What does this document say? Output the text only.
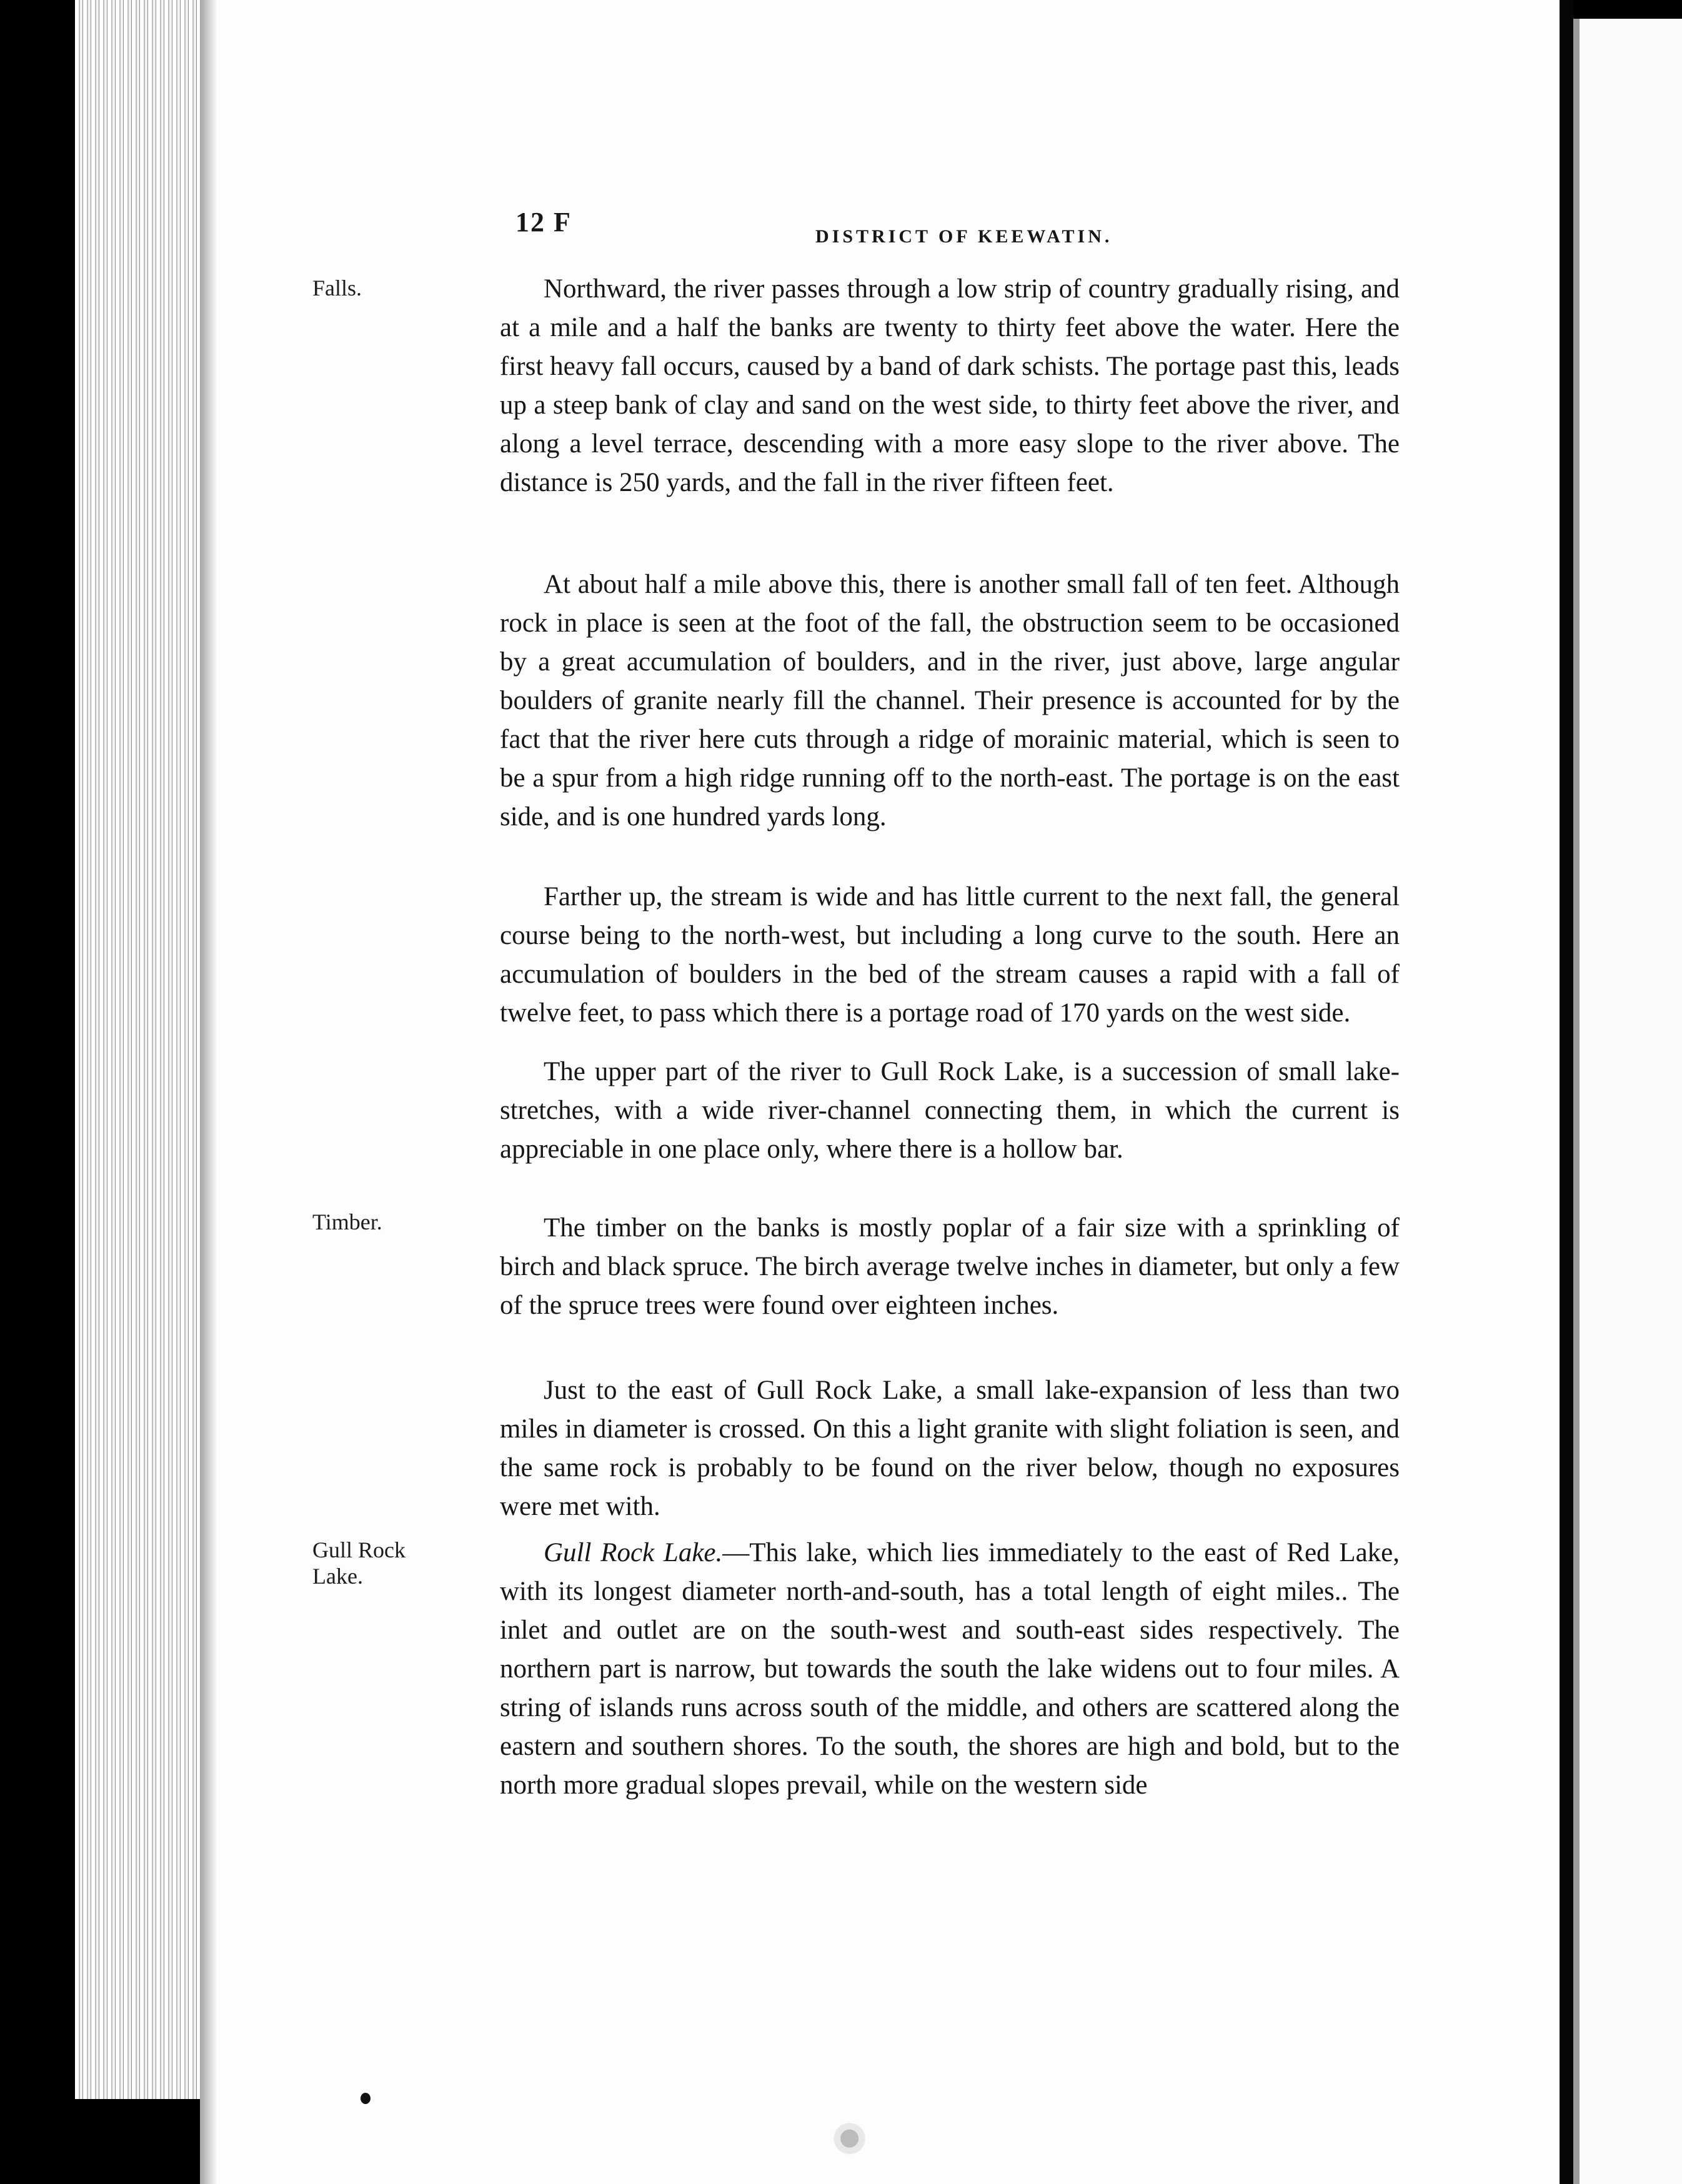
12 F	DISTRICT OF KEEWATIN.
Falls.
Timber.
Gull Rock Lake.

Northward, the river passes through a low strip of country gradually rising, and at a mile and a half the banks are twenty to thirty feet above the water. Here the first heavy fall occurs, caused by a band of dark schists. The portage past this, leads up a steep bank of clay and sand on the west side, to thirty feet above the river, and along a level terrace, descending with a more easy slope to the river above. The distance is 250 yards, and the fall in the river fifteen feet.

At about half a mile above this, there is another small fall of ten feet. Although rock in place is seen at the foot of the fall, the obstruction seem to be occasioned by a great accumulation of boulders, and in the river, just above, large angular boulders of granite nearly fill the channel. Their presence is accounted for by the fact that the river here cuts through a ridge of morainic material, which is seen to be a spur from a high ridge running off to the north-east. The portage is on the east side, and is one hundred yards long.

Farther up, the stream is wide and has little current to the next fall, the general course being to the north-west, but including a long curve to the south. Here an accumulation of boulders in the bed of the stream causes a rapid with a fall of twelve feet, to pass which there is a portage road of 170 yards on the west side.

The upper part of the river to Gull Rock Lake, is a succession of small lake-stretches, with a wide river-channel connecting them, in which the current is appreciable in one place only, where there is a hollow bar.

The timber on the banks is mostly poplar of a fair size with a sprinkling of birch and black spruce. The birch average twelve inches in diameter, but only a few of the spruce trees were found over eighteen inches.

Just to the east of Gull Rock Lake, a small lake-expansion of less than two miles in diameter is crossed. On this a light granite with slight foliation is seen, and the same rock is probably to be found on the river below, though no exposures were met with.

Gull Rock Lake.—This lake, which lies immediately to the east of Red Lake, with its longest diameter north-and-south, has a total length of eight miles.. The inlet and outlet are on the south-west and south-east sides respectively. The northern part is narrow, but towards the south the lake widens out to four miles. A string of islands runs across south of the middle, and others are scattered along the eastern and southern shores. To the south, the shores are high and bold, but to the north more gradual slopes prevail, while on the western side
